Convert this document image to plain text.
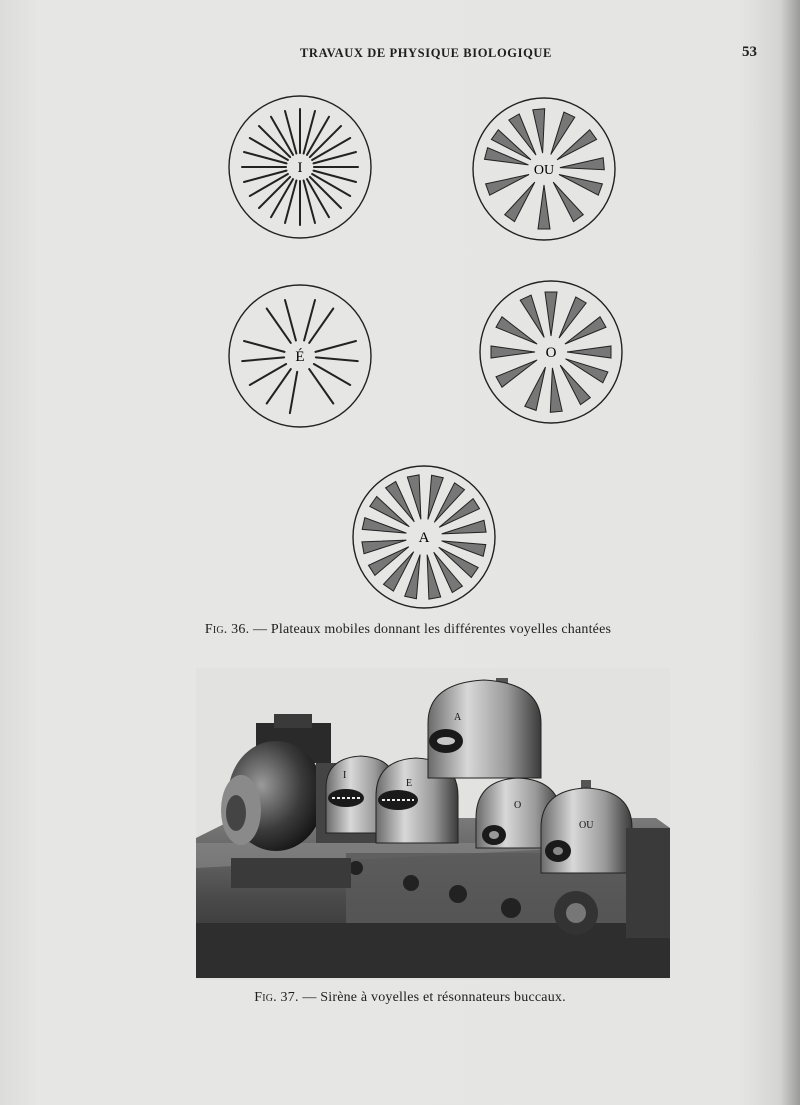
TRAVAUX DE PHYSIQUE BIOLOGIQUE	53
I	OU
É	O
A
Fig. 36. — Plateaux mobiles donnant les différentes voyelles chantées
I
E
A
O
OU
Fig. 37. — Sirène à voyelles et résonnateurs buccaux.
